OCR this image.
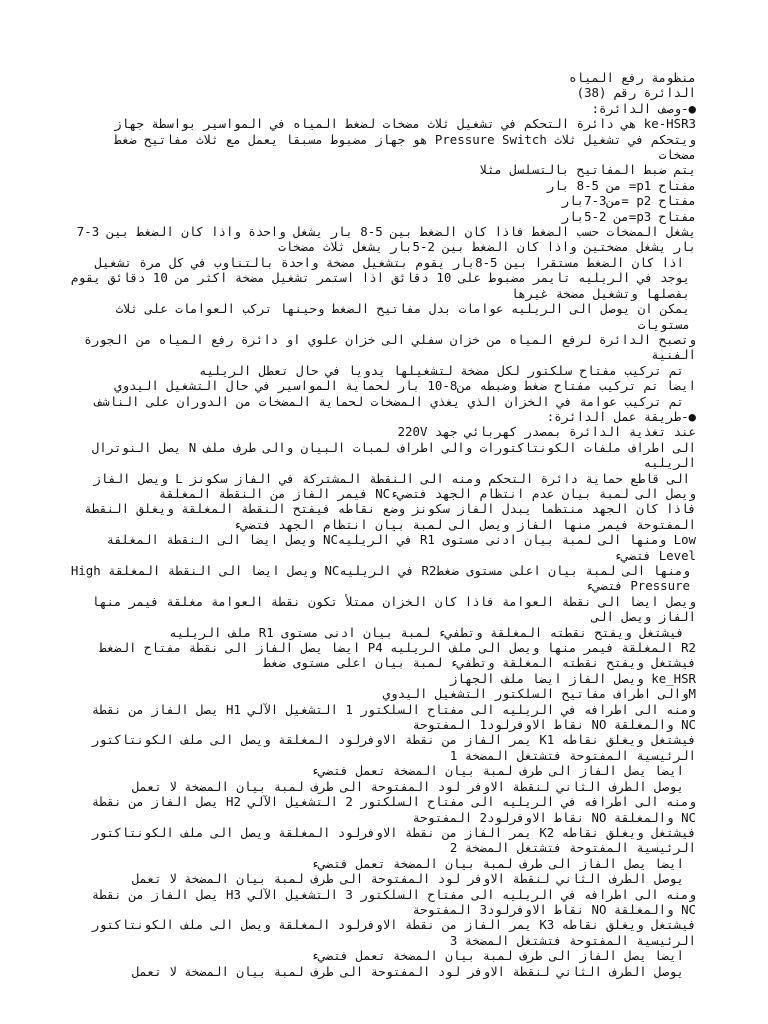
منظومة رفع المياه

الدائرة رقم (38)

●-وصف الدائرة:

ke-HSR3 هي دائرة التحكم في تشغيل ثلاث مضخات لضغط المياه في المواسير بواسطة جهاز

ويتحكم في تشغيل ثلاث Pressure Switch هو جهاز مضبوط مسبقا يعمل مع ثلاث مفاتيح ضغط مضخات

يتم ضبط المفاتيح بالتسلسل مثلا

مفتاح p1= من 5-8 بار

مفتاح p2 =من3-7بار

مفتاح p3=من 2-5بار

يشغل المضخات حسب الضغط فاذا كان الضغط بين 5-8 بار يشغل واحدة واذا كان الضغط بين 3-7 بار يشغل مضختين واذا كان الضغط بين 2-5بار يشغل ثلاث مضخات

اذا كان الضغط مستقرا بين 5-8بار يقوم بتشغيل مضخة واحدة بالتناوب في كل مرة تشغيل

يوجد في الريليه تايمر مضبوط على 10 دقائق اذا استمر تشغيل مضخة اكثر من 10 دقائق يقوم بفصلها وتشغيل مضخة غيرها

يمكن ان يوصل الى الريليه عوامات بدل مفاتيح الضغط وحينها تركب العوامات على ثلاث مستويات

وتصبح الدائرة لرفع المياه من خزان سفلي الى خزان علوي او دائرة رفع المياه من الجورة الفنية

تم تركيب مفتاح سلكتور لكل مضخة لتشغيلها يدويا في حال تعطل الريليه

ايضا تم تركيب مفتاح ضغط وضبطه من8-10 بار لحماية المواسير في حال التشغيل اليدوي

تم تركيب عوامة في الخزان الذي يغذي المضخات لحماية المضخات من الدوران على الناشف

●-طريقة عمل الدائرة:

عند تغذية الدائرة بمصدر كهربائي جهد 220V

الى اطراف ملفات الكونتاكتورات والى اطراف لمبات البيان والى طرف ملف N يصل النوترال الريليه

الى قاطع حماية دائرة التحكم ومنه الى النقطة المشتركة في الفاز سكونز L ويصل الفاز

ويصل الى لمبة بيان عدم انتظام الجهد فتضيءNC فيمر الفاز من النقطة المغلقة

فاذا كان الجهد منتظما يبدل الفاز سكونز وضع نقاطه فيفتح النقطة المغلقة ويغلق النقطة المفتوحة فيمر منها الفاز ويصل الى لمبة بيان انتظام الجهد فتضيء

Low ومنها الى لمبة بيان ادنى مستوى R1 في الريليهNC ويصل ايضا الى النقطة المغلقة Level فتضيء

ومنها الى لمبة بيان اعلى مستوى ضغطR2 في الريليهNC ويصل ايضا الى النقطة المغلقة High Pressure فتضيء

ويصل ايضا الى نقطة العوامة فاذا كان الخزان ممتلأ تكون نقطة العوامة مغلقة فيمر منها الفاز ويصل الى

فيشتغل ويفتح نقطته المغلقة وتطفيء لمبة بيان ادنى مستوى R1 ملف الريليه

R2 المغلقة فيمر منها ويصل الى ملف الريليه P4 ايضا يصل الفاز الى نقطة مفتاح الضغط فيشتغل ويفتح نقطته المغلقة وتطفيء لمبة بيان اعلى مستوى ضغط

ke_HSR ويصل الفاز ايضا ملف الجهاز

Mوالى اطراف مفاتيح السلكتور التشغيل اليدوي

ومنه الى اطرافه في الريليه الى مفتاح السلكتور 1 التشغيل الآلي H1 يصل الفاز من نقطة NC والمغلقة NO نقاط الاوفرلود1 المفتوحة

فيشتغل ويغلق نقاطه K1 يمر الفاز من نقطة الاوفرلود المغلقة ويصل الى ملف الكونتاكتور الرئيسية المفتوحة فتشتغل المضخة 1

ايضا يصل الفاز الى طرف لمبة بيان المضخة تعمل فتضيء

يوصل الطرف الثاني لنقطة الاوفر لود المفتوحة الى طرف لمبة بيان المضخة لا تعمل

ومنه الى اطرافه في الريليه الى مفتاح السلكتور 2 التشغيل الآلي H2 يصل الفاز من نقطة NC والمغلقة NO نقاط الاوفرلود2 المفتوحة

فيشتغل ويغلق نقاطه K2 يمر الفاز من نقطة الاوفرلود المغلقة ويصل الى ملف الكونتاكتور الرئيسية المفتوحة فتشتغل المضخة 2

ايضا يصل الفاز الى طرف لمبة بيان المضخة تعمل فتضيء

يوصل الطرف الثاني لنقطة الاوفر لود المفتوحة الى طرف لمبة بيان المضخة لا تعمل

ومنه الى اطرافه في الريليه الى مفتاح السلكتور 3 التشغيل الآلي H3 يصل الفاز من نقطة NC والمغلقة NO نقاط الاوفرلود3 المفتوحة

فيشتغل ويغلق نقاطه K3 يمر الفاز من نقطة الاوفرلود المغلقة ويصل الى ملف الكونتاكتور الرئيسية المفتوحة فتشتغل المضخة 3

ايضا يصل الفاز الى طرف لمبة بيان المضخة تعمل فتضيء

يوصل الطرف الثاني لنقطة الاوفر لود المفتوحة الى طرف لمبة بيان المضخة لا تعمل
